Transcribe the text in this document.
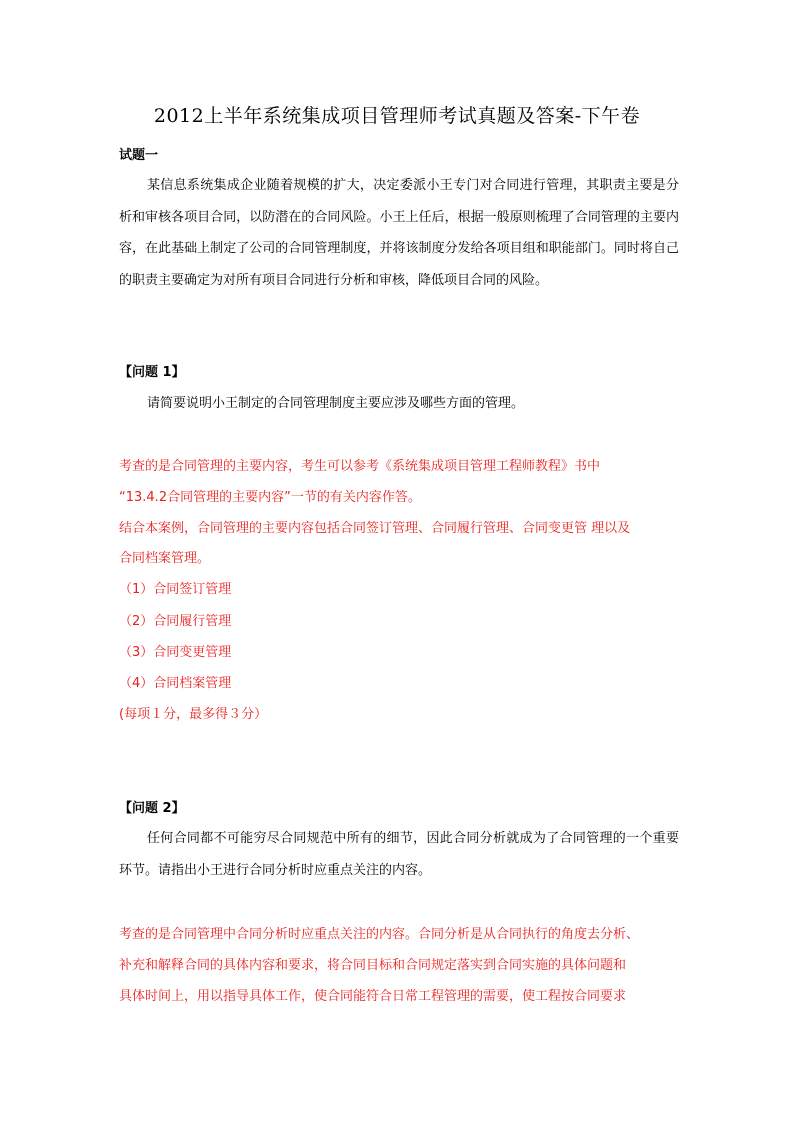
2012上半年系统集成项目管理师考试真题及答案-下午卷
试题一

某信息系统集成企业随着规模的扩大，决定委派小王专门对合同进行管理，其职责主要是分析和审核各项目合同，以防潜在的合同风险。小王上任后，根据一般原则梳理了合同管理的主要内容，在此基础上制定了公司的合同管理制度，并将该制度分发给各项目组和职能部门。同时将自己的职责主要确定为对所有项目合同进行分析和审核，降低项目合同的风险。

【问题 1】
请简要说明小王制定的合同管理制度主要应涉及哪些方面的管理。
考查的是合同管理的主要内容，考生可以参考《系统集成项目管理工程师教程》书中
“13.4.2合同管理的主要内容”一节的有关内容作答。
结合本案例，合同管理的主要内容包括合同签订管理、合同履行管理、合同变更管 理以及
合同档案管理。
（1）合同签订管理
（2）合同履行管理
（3）合同变更管理
（4）合同档案管理
(每项１分，最多得３分）
【问题 2】

任何合同都不可能穷尽合同规范中所有的细节，因此合同分析就成为了合同管理的一个重要环节。请指出小王进行合同分析时应重点关注的内容。

考查的是合同管理中合同分析时应重点关注的内容。合同分析是从合同执行的角度去分析、
补充和解释合同的具体内容和要求，将合同目标和合同规定落实到合同实施的具体问题和
具体时间上，用以指导具体工作，使合同能符合日常工程管理的需要，使工程按合同要求
